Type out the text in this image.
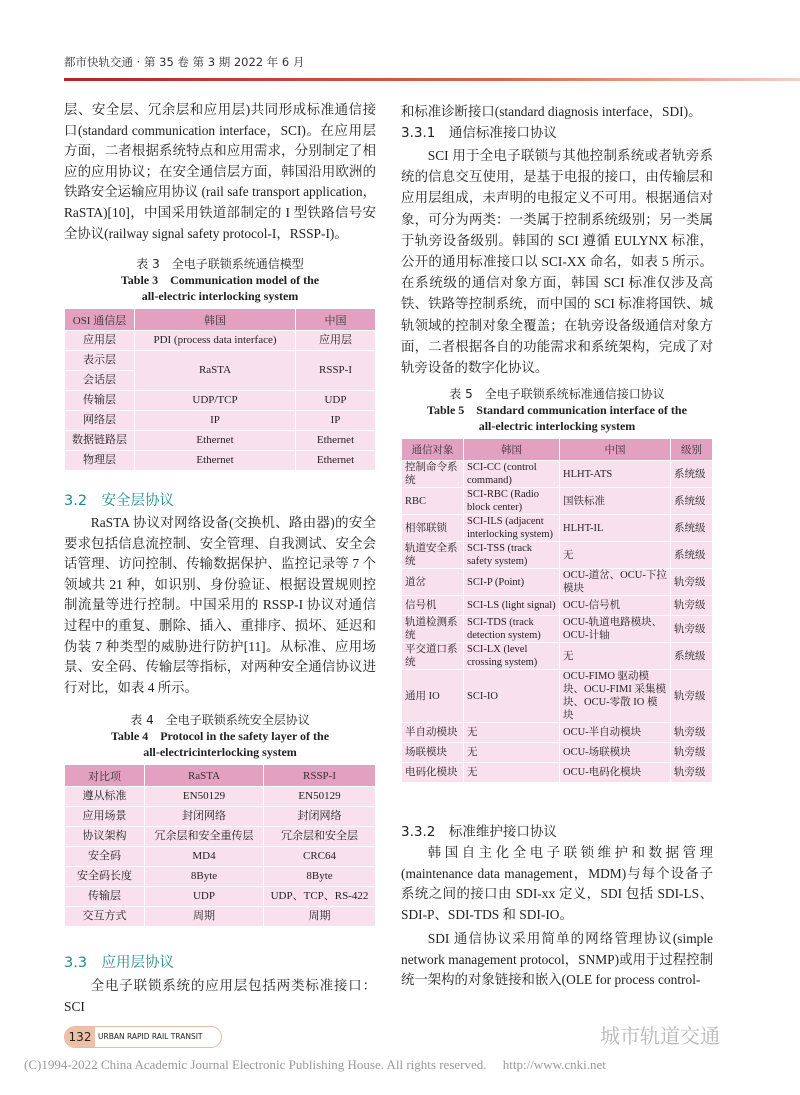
都市快轨交通 · 第 35 卷 第 3 期 2022 年 6 月

层、安全层、冗余层和应用层)共同形成标准通信接口(standard communication interface，SCI)。在应用层方面，二者根据系统特点和应用需求，分别制定了相应的应用协议；在安全通信层方面，韩国沿用欧洲的铁路安全运输应用协议 (rail safe transport application，RaSTA)[10]，中国采用铁道部制定的 I 型铁路信号安全协议(railway signal safety protocol-I，RSSP-I)。

表 3　全电子联锁系统通信模型
Table 3　Communication model of the
all-electric interlocking system
OSI 通信层	韩国	中国
应用层	PDI (process data interface)	应用层
表示层	RaSTA	RSSP-I
会话层		
传输层	UDP/TCP	UDP
网络层	IP	IP
数据链路层	Ethernet	Ethernet
物理层	Ethernet	Ethernet
3.2　安全层协议

RaSTA 协议对网络设备(交换机、路由器)的安全要求包括信息流控制、安全管理、自我测试、安全会话管理、访问控制、传输数据保护、监控记录等 7 个领域共 21 种，如识别、身份验证、根据设置规则控制流量等进行控制。中国采用的 RSSP-I 协议对通信过程中的重复、删除、插入、重排序、损坏、延迟和伪装 7 种类型的威胁进行防护[11]。从标准、应用场景、安全码、传输层等指标，对两种安全通信协议进行对比，如表 4 所示。

表 4　全电子联锁系统安全层协议
Table 4　Protocol in the safety layer of the
all-electricinterlocking system
对比项	RaSTA	RSSP-I
遵从标准	EN50129	EN50129
应用场景	封闭网络	封闭网络
协议架构	冗余层和安全重传层	冗余层和安全层
安全码	MD4	CRC64
安全码长度	8Byte	8Byte
传输层	UDP	UDP、TCP、RS-422
交互方式	周期	周期
3.3　应用层协议

全电子联锁系统的应用层包括两类标准接口：SCI

和标准诊断接口(standard diagnosis interface，SDI)。

3.3.1　通信标准接口协议

SCI 用于全电子联锁与其他控制系统或者轨旁系统的信息交互使用，是基于电报的接口，由传输层和应用层组成，未声明的电报定义不可用。根据通信对象，可分为两类：一类属于控制系统级别；另一类属于轨旁设备级别。韩国的 SCI 遵循 EULYNX 标准，公开的通用标准接口以 SCI-XX 命名，如表 5 所示。在系统级的通信对象方面，韩国 SCI 标准仅涉及高铁、铁路等控制系统，而中国的 SCI 标准将国铁、城轨领域的控制对象全覆盖；在轨旁设备级通信对象方面，二者根据各自的功能需求和系统架构，完成了对轨旁设备的数字化协议。

表 5　全电子联锁系统标准通信接口协议
Table 5　Standard communication interface of the
all-electric interlocking system
通信对象	韩国	中国	级别
控制命令系统	SCI-CC (control command)	HLHT-ATS	系统级
RBC	SCI-RBC (Radio block center)	国铁标准	系统级
相邻联锁	SCI-ILS (adjacent interlocking system)	HLHT-IL	系统级
轨道安全系统	SCI-TSS (track safety system)	无	系统级
道岔	SCI-P (Point)	OCU-道岔、OCU-下拉模块	轨旁级
信号机	SCI-LS (light signal)	OCU-信号机	轨旁级
轨道检测系统	SCI-TDS (track detection system)	OCU-轨道电路模块、OCU-计轴	轨旁级
平交道口系统	SCI-LX (level crossing system)	无	系统级
通用 IO	SCI-IO	OCU-FIMO 驱动模块、OCU-FIMI 采集模块、OCU-零散 IO 模块	轨旁级
半自动模块	无	OCU-半自动模块	轨旁级
场联模块	无	OCU-场联模块	轨旁级
电码化模块	无	OCU-电码化模块	轨旁级
3.3.2　标准维护接口协议

韩国自主化全电子联锁维护和数据管理(maintenance data management，MDM)与每个设备子系统之间的接口由 SDI-xx 定义，SDI 包括 SDI-LS、SDI-P、SDI-TDS 和 SDI-IO。

SDI 通信协议采用简单的网络管理协议(simple network management protocol，SNMP)或用于过程控制统一架构的对象链接和嵌入(OLE for process control-

城市轨道交通
132 URBAN RAPID RAIL TRANSIT
(C)1994-2022 China Academic Journal Electronic Publishing House. All rights reserved.　 http://www.cnki.net
